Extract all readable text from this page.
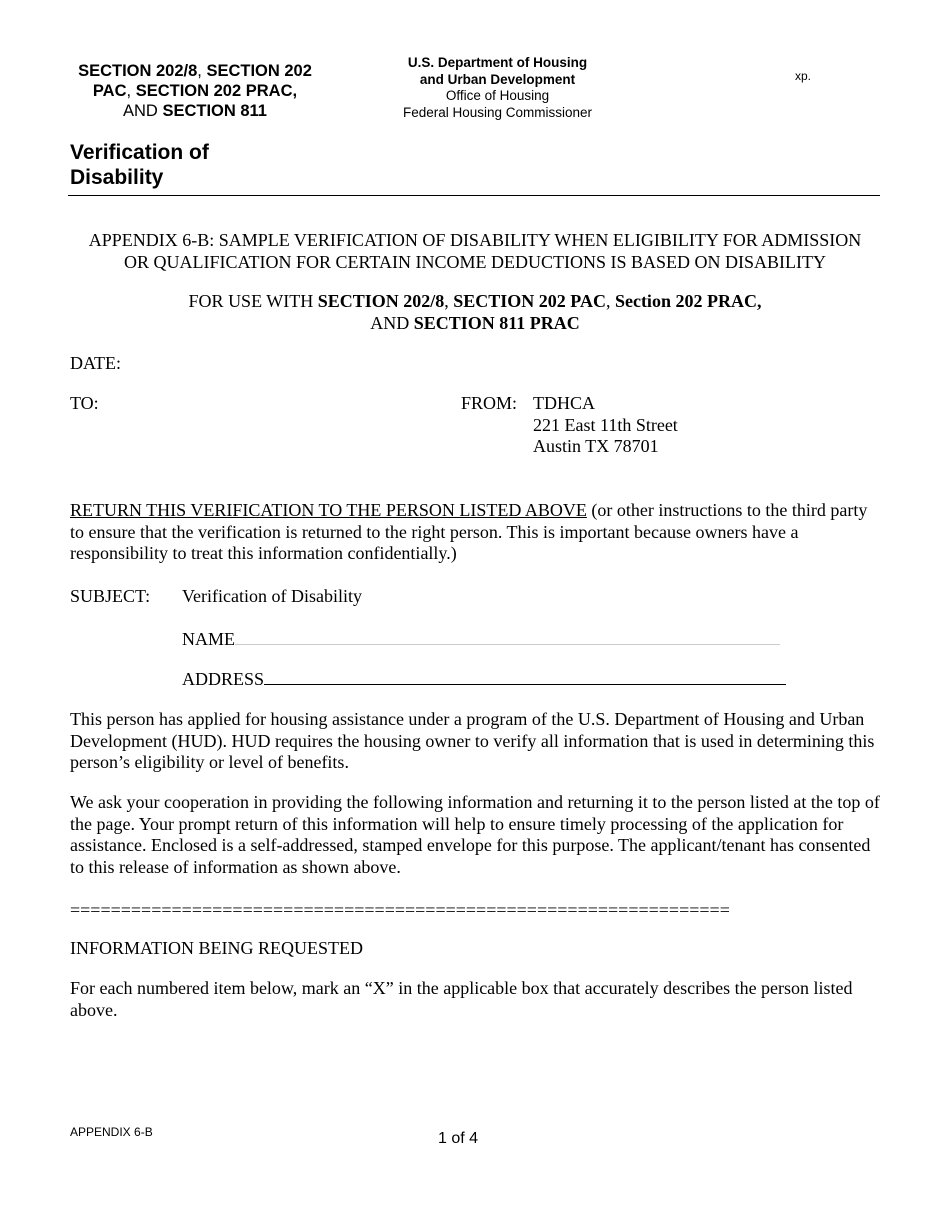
SECTION 202/8, SECTION 202
PAC, SECTION 202 PRAC,
AND SECTION 811
U.S. Department of Housing
and Urban Development
Office of Housing
Federal Housing Commissioner
xp.
Verification of
Disability
APPENDIX 6-B: SAMPLE VERIFICATION OF DISABILITY WHEN ELIGIBILITY FOR ADMISSION
OR QUALIFICATION FOR CERTAIN INCOME DEDUCTIONS IS BASED ON DISABILITY
FOR USE WITH SECTION 202/8, SECTION 202 PAC, Section 202 PRAC,
AND SECTION 811 PRAC
DATE:
TO:	FROM: TDHCA
221 East 11th Street
Austin TX 78701
RETURN THIS VERIFICATION TO THE PERSON LISTED ABOVE (or other instructions to the third party to ensure that the verification is returned to the right person. This is important because owners have a responsibility to treat this information confidentially.)
SUBJECT: Verification of Disability
NAME
ADDRESS
This person has applied for housing assistance under a program of the U.S. Department of Housing and Urban Development (HUD). HUD requires the housing owner to verify all information that is used in determining this person’s eligibility or level of benefits.
We ask your cooperation in providing the following information and returning it to the person listed at the top of the page. Your prompt return of this information will help to ensure timely processing of the application for assistance. Enclosed is a self-addressed, stamped envelope for this purpose. The applicant/tenant has consented to this release of information as shown above.
=================================================================
INFORMATION BEING REQUESTED
For each numbered item below, mark an “X” in the applicable box that accurately describes the person listed above.
APPENDIX 6-B	1 of 4
